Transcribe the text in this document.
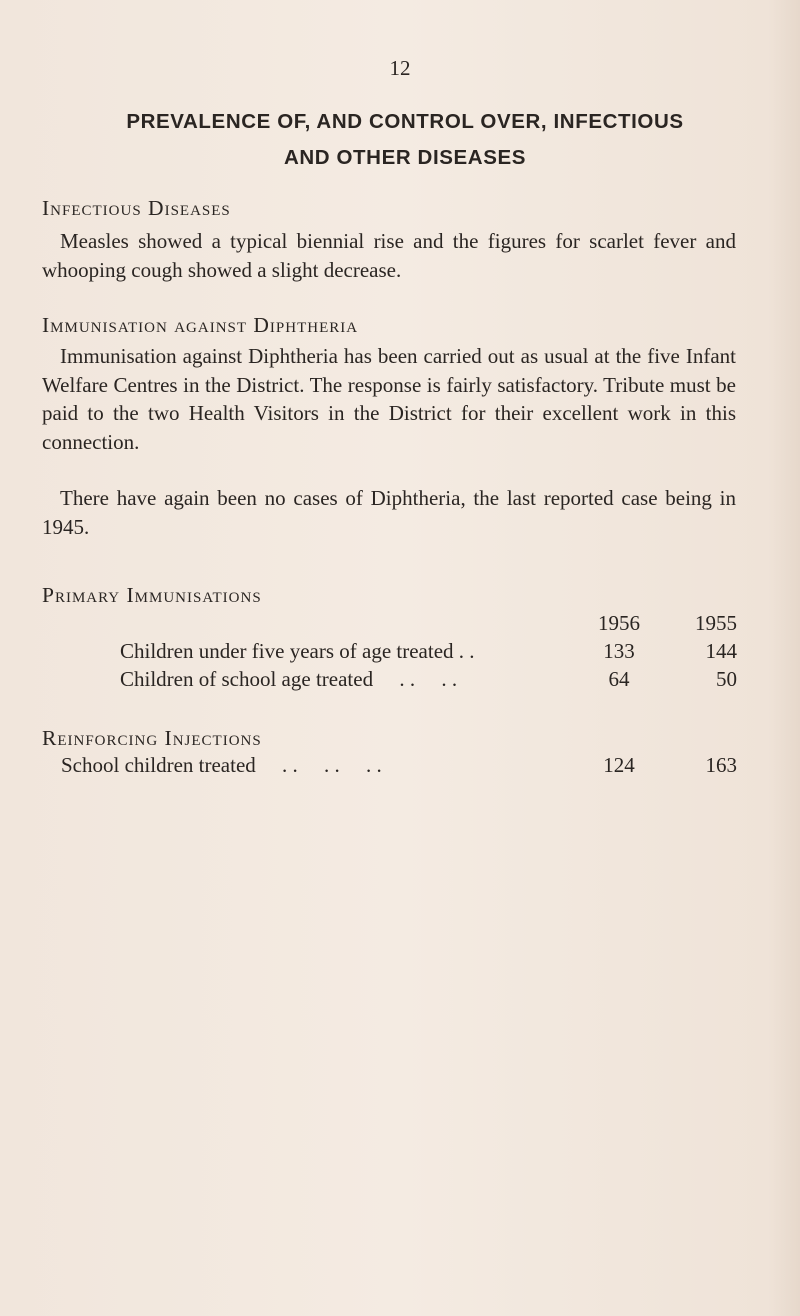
12
PREVALENCE OF, AND CONTROL OVER, INFECTIOUS
AND OTHER DISEASES
Infectious Diseases
Measles showed a typical biennial rise and the figures for scarlet fever and whooping cough showed a slight decrease.
Immunisation against Diphtheria
Immunisation against Diphtheria has been carried out as usual at the five Infant Welfare Centres in the District. The response is fairly satisfactory. Tribute must be paid to the two Health Visitors in the District for their excellent work in this connection.
There have again been no cases of Diphtheria, the last reported case being in 1945.
Primary Immunisations
1956	1955
Children under five years of age treated . .	133	144
Children of school age treated     . .     . .	64	50
Reinforcing Injections
School children treated     . .     . .     . .	124	163
